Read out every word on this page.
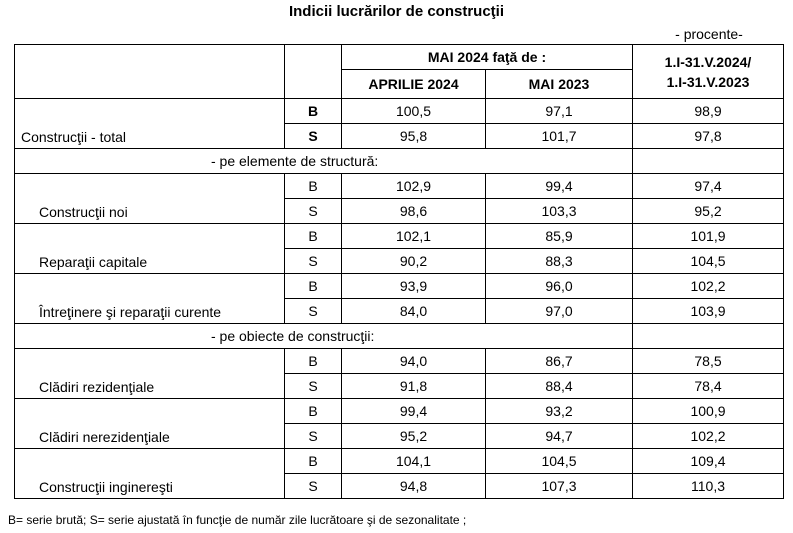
Indicii lucrărilor de construcţii
- procente-
		MAI 2024 faţă de :		1.I-31.V.2024/
1.I-31.V.2023
		APRILIE 2024	MAI 2023	
Construcţii - total	B	100,5	97,1	98,9
	S	95,8	101,7	97,8
- pe elemente de structură:				
Construcţii noi	B	102,9	99,4	97,4
	S	98,6	103,3	95,2
Reparaţii capitale	B	102,1	85,9	101,9
	S	90,2	88,3	104,5
Întreţinere şi reparaţii curente	B	93,9	96,0	102,2
	S	84,0	97,0	103,9
- pe obiecte de construcţii:				
Clădiri rezidenţiale	B	94,0	86,7	78,5
	S	91,8	88,4	78,4
Clădiri nerezidenţiale	B	99,4	93,2	100,9
	S	95,2	94,7	102,2
Construcţii inginereşti	B	104,1	104,5	109,4
	S	94,8	107,3	110,3
B= serie brută; S= serie ajustată în funcţie de număr zile lucrătoare şi de sezonalitate ;
